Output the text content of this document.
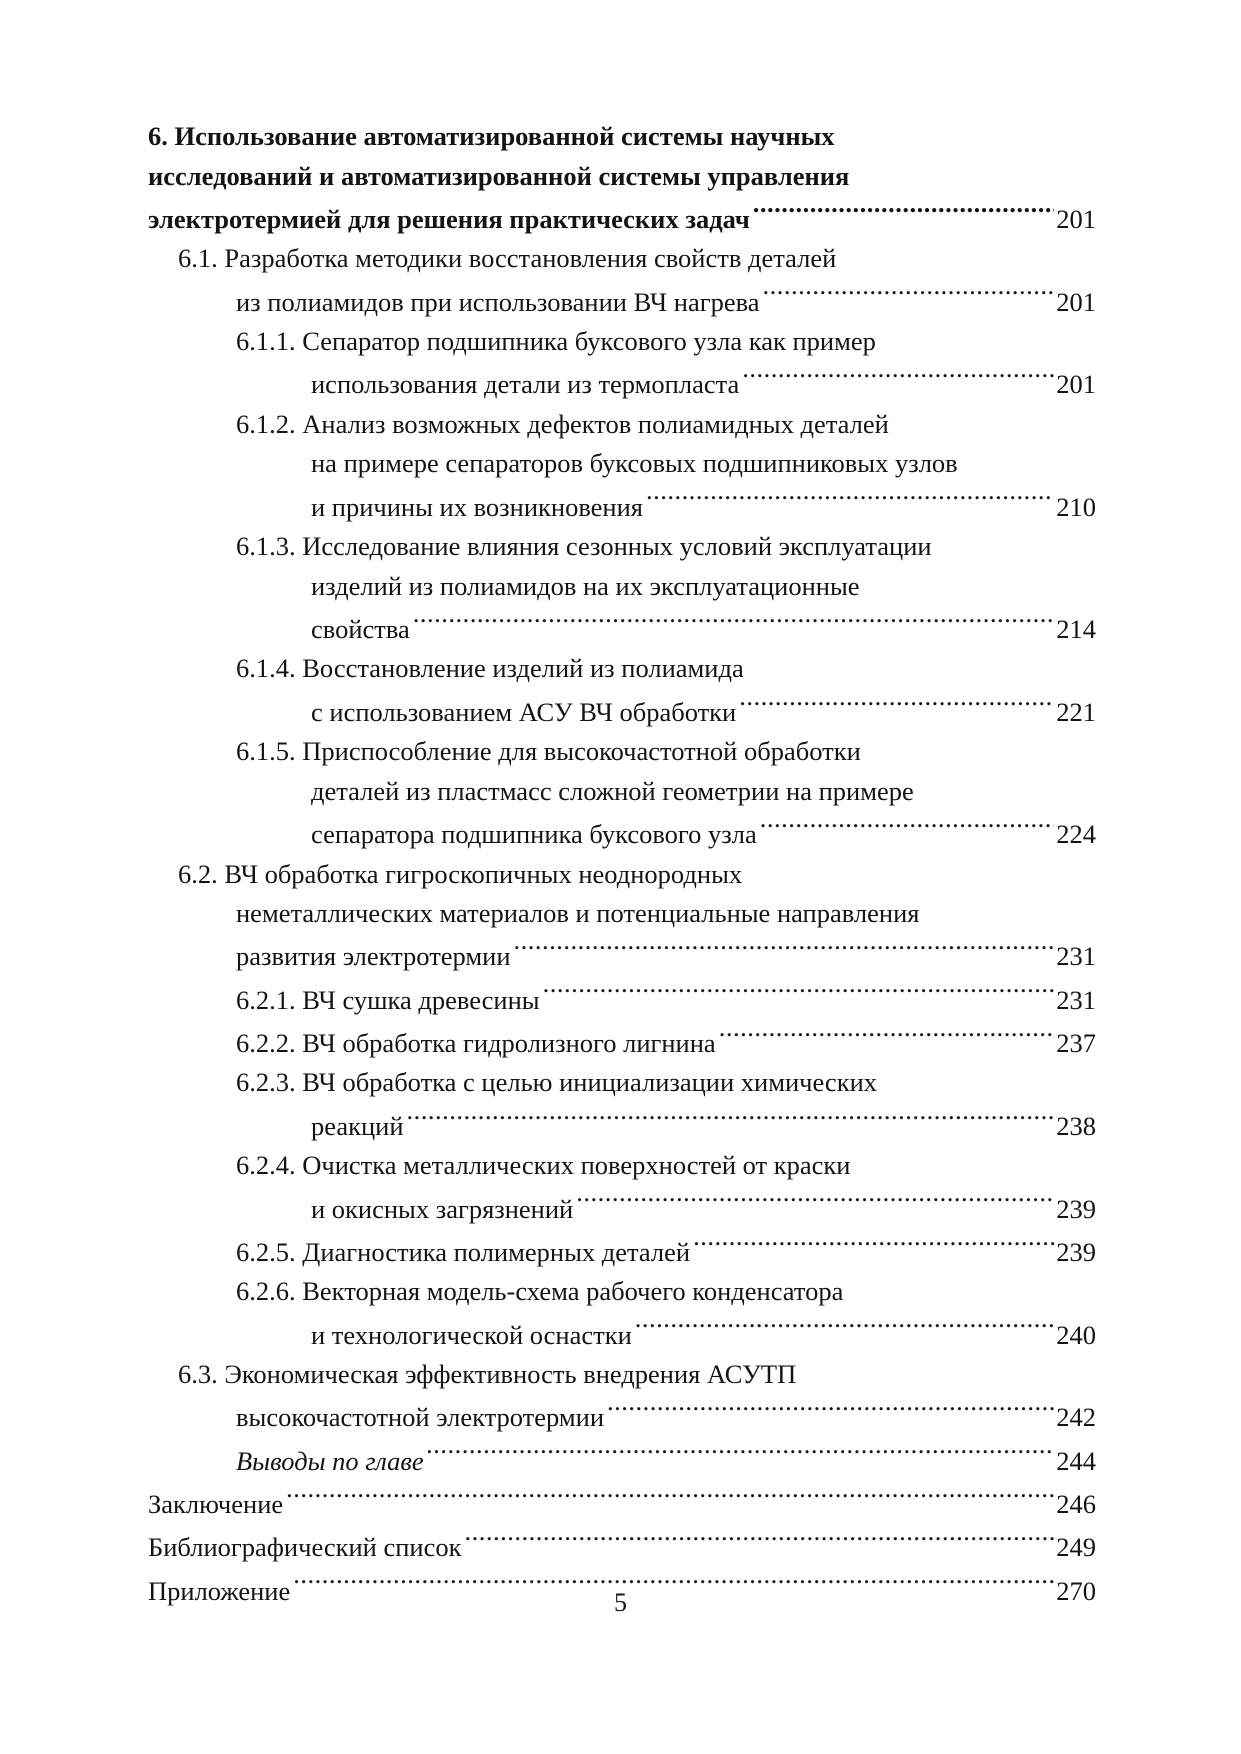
6. Использование автоматизированной системы научных
исследований и автоматизированной системы управления
электротермией для решения практических задач .....	201
6.1. Разработка методики восстановления свойств деталей
из полиамидов при использовании ВЧ нагрева .....	201
6.1.1. Сепаратор подшипника буксового узла как пример
использования детали из термопласта .....	201
6.1.2. Анализ возможных дефектов полиамидных деталей
на примере сепараторов буксовых подшипниковых узлов
и причины их возникновения .....	210
6.1.3. Исследование влияния сезонных условий эксплуатации
изделий из полиамидов на их эксплуатационные
свойства .....	214
6.1.4. Восстановление изделий из полиамида
с использованием АСУ ВЧ обработки .....	221
6.1.5. Приспособление для высокочастотной обработки
деталей из пластмасс сложной геометрии на примере
сепаратора подшипника буксового узла .....	224
6.2. ВЧ обработка гигроскопичных неоднородных
неметаллических материалов и потенциальные направления
развития электротермии .....	231
6.2.1. ВЧ сушка древесины .....	231
6.2.2. ВЧ обработка гидролизного лигнина .....	237
6.2.3. ВЧ обработка с целью инициализации химических
реакций .....	238
6.2.4. Очистка металлических поверхностей от краски
и окисных загрязнений .....	239
6.2.5. Диагностика полимерных деталей .....	239
6.2.6. Векторная модель-схема рабочего конденсатора
и технологической оснастки .....	240
6.3. Экономическая эффективность внедрения АСУТП
высокочастотной электротермии .....	242
Выводы по главе .....	244
Заключение .....	246
Библиографический список .....	249
Приложение .....	270
5
